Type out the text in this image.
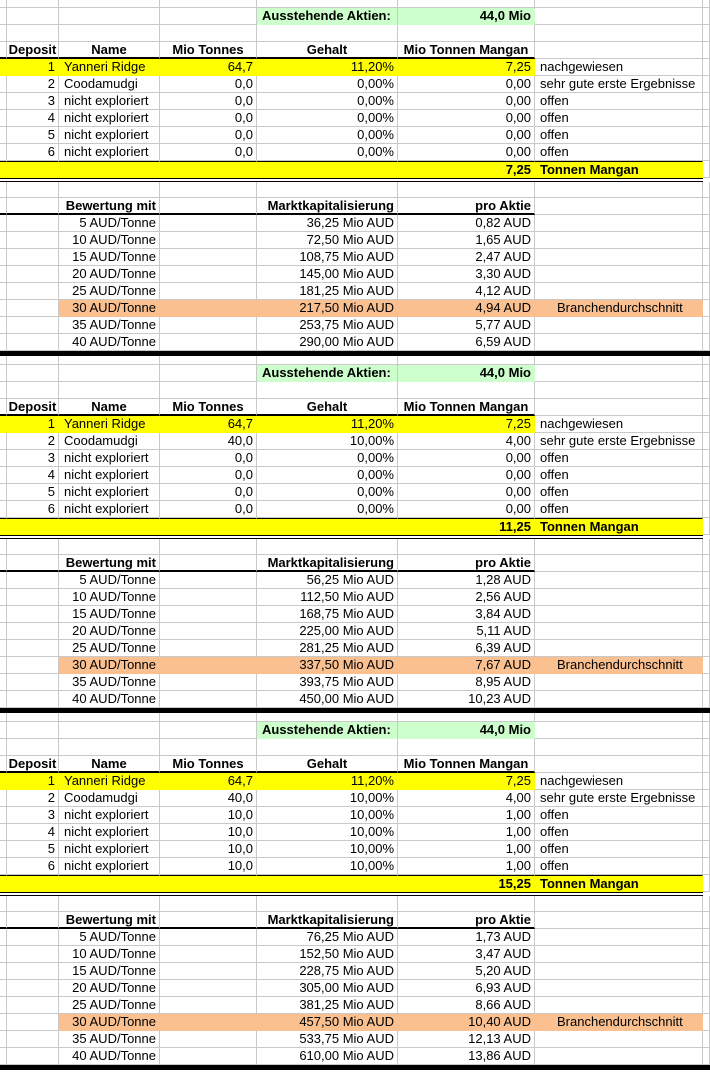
Ausstehende Aktien:	44,0 Mio
Deposit	Name	Mio Tonnes	Gehalt	Mio Tonnen Mangan
1 Yanneri Ridge	64,7	11,20%	7,25 nachgewiesen
2 Coodamudgi	0,0	0,00%	0,00 sehr gute erste Ergebnisse
3 nicht exploriert	0,0	0,00%	0,00 offen
4 nicht exploriert	0,0	0,00%	0,00 offen
5 nicht exploriert	0,0	0,00%	0,00 offen
6 nicht exploriert	0,0	0,00%	0,00 offen
7,25 Tonnen Mangan
Bewertung mit	Marktkapitalisierung	pro Aktie
5 AUD/Tonne	36,25 Mio AUD	0,82 AUD
10 AUD/Tonne	72,50 Mio AUD	1,65 AUD
15 AUD/Tonne	108,75 Mio AUD	2,47 AUD
20 AUD/Tonne	145,00 Mio AUD	3,30 AUD
25 AUD/Tonne	181,25 Mio AUD	4,12 AUD
30 AUD/Tonne	217,50 Mio AUD	4,94 AUD	Branchendurchschnitt
35 AUD/Tonne	253,75 Mio AUD	5,77 AUD
40 AUD/Tonne	290,00 Mio AUD	6,59 AUD
Ausstehende Aktien:	44,0 Mio
Deposit	Name	Mio Tonnes	Gehalt	Mio Tonnen Mangan
1 Yanneri Ridge	64,7	11,20%	7,25 nachgewiesen
2 Coodamudgi	40,0	10,00%	4,00 sehr gute erste Ergebnisse
3 nicht exploriert	0,0	0,00%	0,00 offen
4 nicht exploriert	0,0	0,00%	0,00 offen
5 nicht exploriert	0,0	0,00%	0,00 offen
6 nicht exploriert	0,0	0,00%	0,00 offen
11,25 Tonnen Mangan
Bewertung mit	Marktkapitalisierung	pro Aktie
5 AUD/Tonne	56,25 Mio AUD	1,28 AUD
10 AUD/Tonne	112,50 Mio AUD	2,56 AUD
15 AUD/Tonne	168,75 Mio AUD	3,84 AUD
20 AUD/Tonne	225,00 Mio AUD	5,11 AUD
25 AUD/Tonne	281,25 Mio AUD	6,39 AUD
30 AUD/Tonne	337,50 Mio AUD	7,67 AUD	Branchendurchschnitt
35 AUD/Tonne	393,75 Mio AUD	8,95 AUD
40 AUD/Tonne	450,00 Mio AUD	10,23 AUD
Ausstehende Aktien:	44,0 Mio
Deposit	Name	Mio Tonnes	Gehalt	Mio Tonnen Mangan
1 Yanneri Ridge	64,7	11,20%	7,25 nachgewiesen
2 Coodamudgi	40,0	10,00%	4,00 sehr gute erste Ergebnisse
3 nicht exploriert	10,0	10,00%	1,00 offen
4 nicht exploriert	10,0	10,00%	1,00 offen
5 nicht exploriert	10,0	10,00%	1,00 offen
6 nicht exploriert	10,0	10,00%	1,00 offen
15,25 Tonnen Mangan
Bewertung mit	Marktkapitalisierung	pro Aktie
5 AUD/Tonne	76,25 Mio AUD	1,73 AUD
10 AUD/Tonne	152,50 Mio AUD	3,47 AUD
15 AUD/Tonne	228,75 Mio AUD	5,20 AUD
20 AUD/Tonne	305,00 Mio AUD	6,93 AUD
25 AUD/Tonne	381,25 Mio AUD	8,66 AUD
30 AUD/Tonne	457,50 Mio AUD	10,40 AUD	Branchendurchschnitt
35 AUD/Tonne	533,75 Mio AUD	12,13 AUD
40 AUD/Tonne	610,00 Mio AUD	13,86 AUD
